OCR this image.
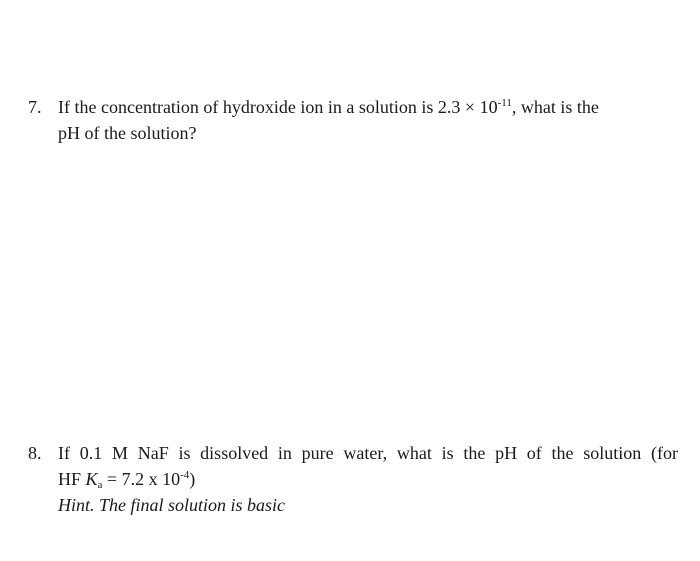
7. If the concentration of hydroxide ion in a solution is $2.3 \times 10^{-11}$, what is the
pH of the solution?
8. If 0.1 M NaF is dissolved in pure water, what is the pH of the solution (for
HF $K_a = 7.2$ x $10^{-4}$)
Hint. The final solution is basic
